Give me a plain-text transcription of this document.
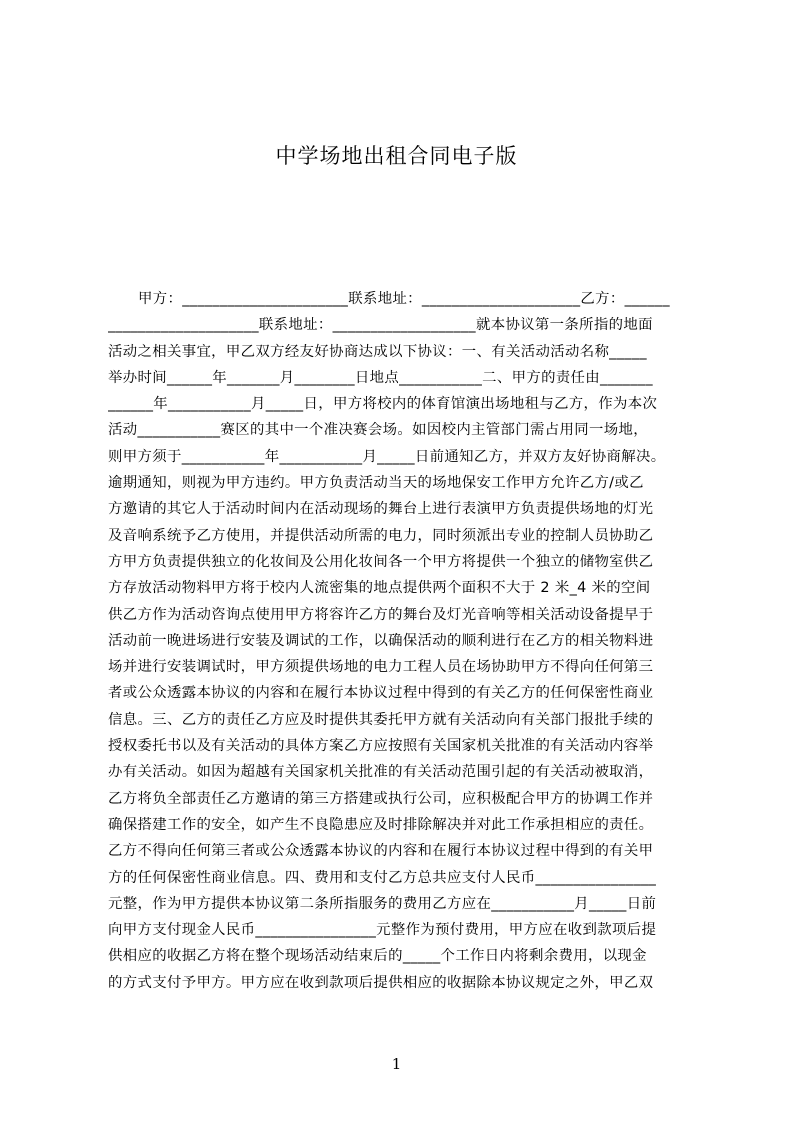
中学场地出租合同电子版
甲方：______________________联系地址：_____________________乙方：______
____________________联系地址：___________________就本协议第一条所指的地面
活动之相关事宜，甲乙双方经友好协商达成以下协议：一、有关活动活动名称_____
举办时间______年_______月________日地点___________二、甲方的责任由_______
______年___________月_____日，甲方将校内的体育馆演出场地租与乙方，作为本次
活动___________赛区的其中一个准决赛会场。如因校内主管部门需占用同一场地，
则甲方须于___________年___________月_____日前通知乙方，并双方友好协商解决。
逾期通知，则视为甲方违约。甲方负责活动当天的场地保安工作甲方允许乙方/或乙
方邀请的其它人于活动时间内在活动现场的舞台上进行表演甲方负责提供场地的灯光
及音响系统予乙方使用，并提供活动所需的电力，同时须派出专业的控制人员协助乙
方甲方负责提供独立的化妆间及公用化妆间各一个甲方将提供一个独立的储物室供乙
方存放活动物料甲方将于校内人流密集的地点提供两个面积不大于 2 米_4 米的空间
供乙方作为活动咨询点使用甲方将容许乙方的舞台及灯光音响等相关活动设备提早于
活动前一晚进场进行安装及调试的工作，以确保活动的顺利进行在乙方的相关物料进
场并进行安装调试时，甲方须提供场地的电力工程人员在场协助甲方不得向任何第三
者或公众透露本协议的内容和在履行本协议过程中得到的有关乙方的任何保密性商业
信息。三、乙方的责任乙方应及时提供其委托甲方就有关活动向有关部门报批手续的
授权委托书以及有关活动的具体方案乙方应按照有关国家机关批准的有关活动内容举
办有关活动。如因为超越有关国家机关批准的有关活动范围引起的有关活动被取消，
乙方将负全部责任乙方邀请的第三方搭建或执行公司，应积极配合甲方的协调工作并
确保搭建工作的安全，如产生不良隐患应及时排除解决并对此工作承担相应的责任。
乙方不得向任何第三者或公众透露本协议的内容和在履行本协议过程中得到的有关甲
方的任何保密性商业信息。四、费用和支付乙方总共应支付人民币________________
元整，作为甲方提供本协议第二条所指服务的费用乙方应在___________月_____日前
向甲方支付现金人民币________________元整作为预付费用，甲方应在收到款项后提
供相应的收据乙方将在整个现场活动结束后的_____个工作日内将剩余费用，以现金
的方式支付予甲方。甲方应在收到款项后提供相应的收据除本协议规定之外，甲乙双
1
